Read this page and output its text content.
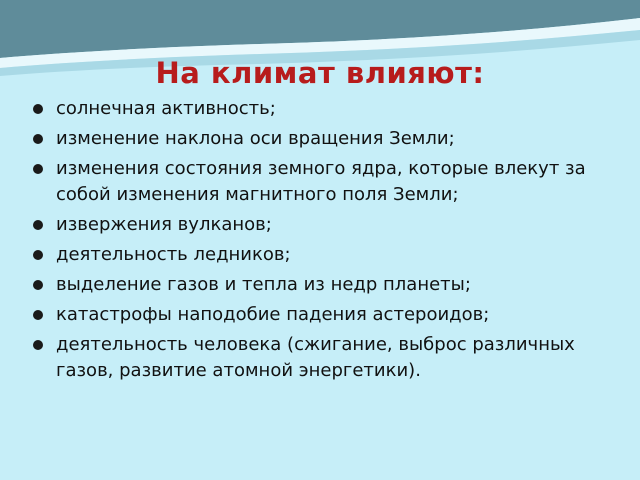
На климат влияют:
солнечная активность;
изменение наклона оси вращения Земли;
изменения состояния земного ядра, которые влекут за собой изменения магнитного поля Земли;
извержения вулканов;
деятельность ледников;
выделение газов и тепла из недр планеты;
катастрофы наподобие падения астероидов;
деятельность человека (сжигание, выброс различных газов, развитие атомной энергетики).
